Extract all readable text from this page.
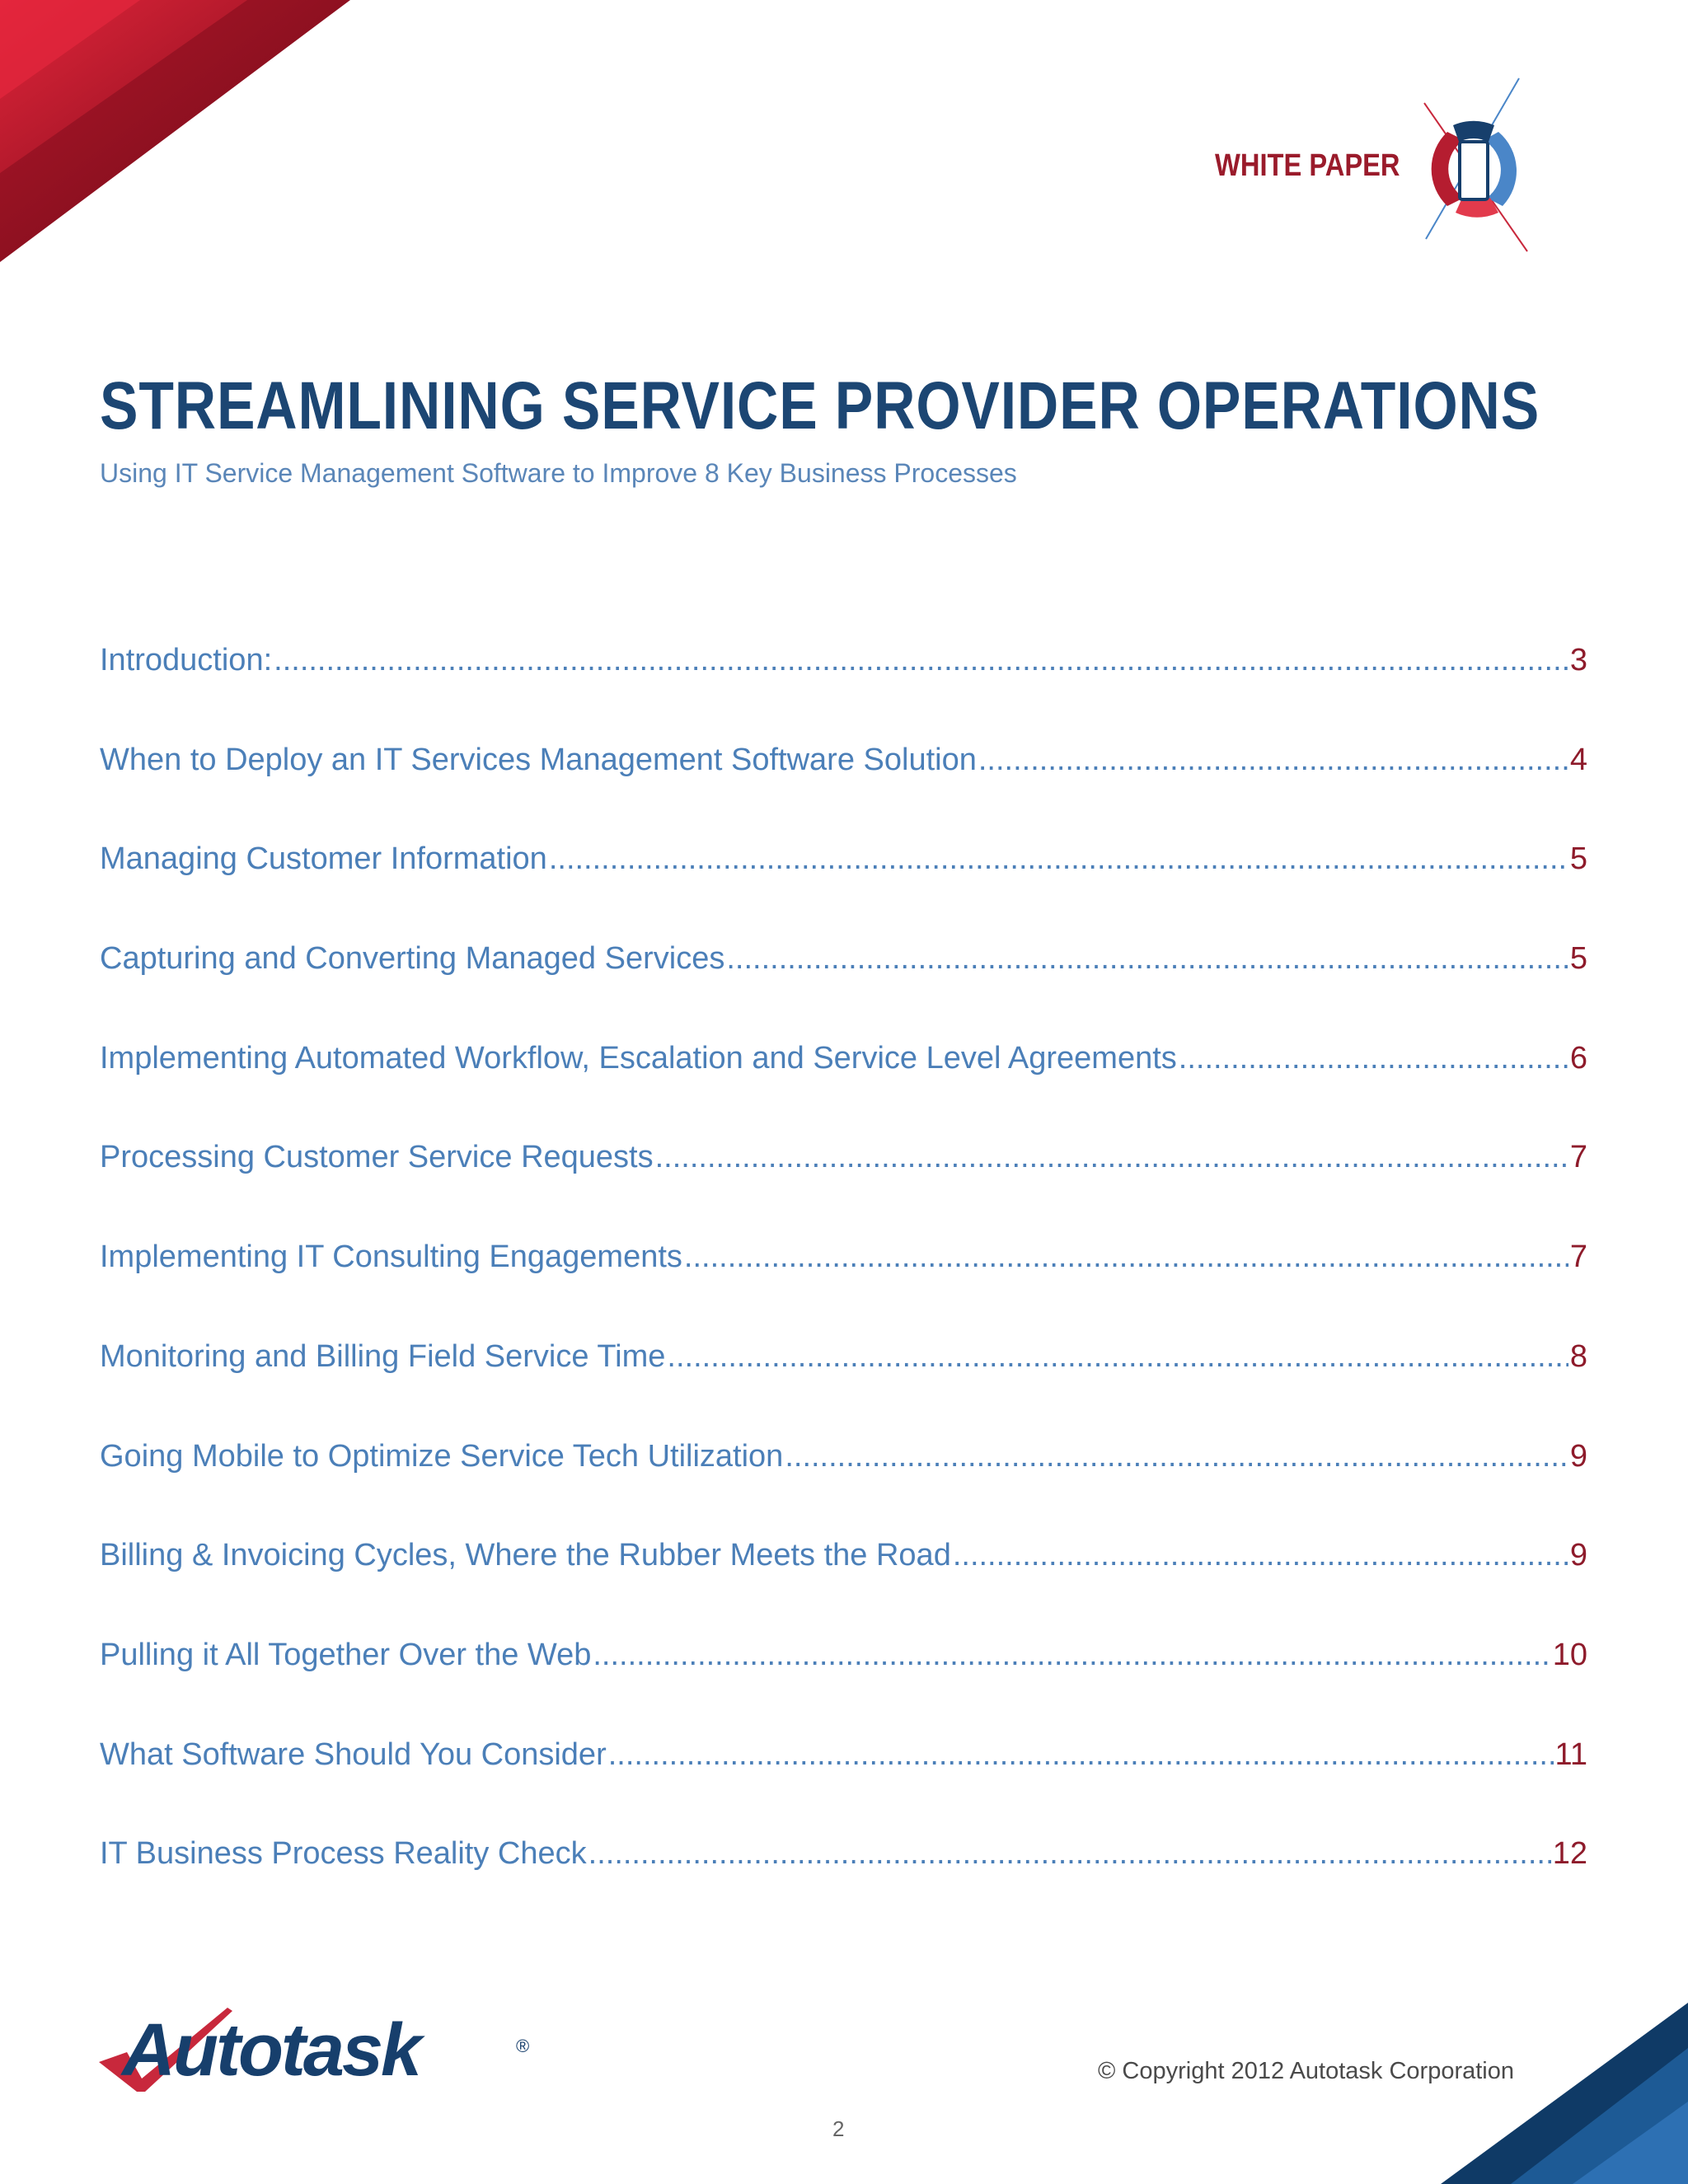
WHITE PAPER
STREAMLINING SERVICE PROVIDER OPERATIONS
Using IT Service Management Software to Improve 8 Key Business Processes
Introduction: .....	3
When to Deploy an IT Services Management Software Solution .....	4
Managing Customer Information .....	5
Capturing and Converting Managed Services .....	5
Implementing Automated Workflow, Escalation and Service Level Agreements .....	6
Processing Customer Service Requests .....	7
Implementing IT Consulting Engagements .....	7
Monitoring and Billing Field Service Time .....	8
Going Mobile to Optimize Service Tech Utilization .....	9
Billing & Invoicing Cycles, Where the Rubber Meets the Road .....	9
Pulling it All Together Over the Web .....	10
What Software Should You Consider .....	11
IT Business Process Reality Check .....	12
Autotask	®
© Copyright 2012 Autotask Corporation
2
